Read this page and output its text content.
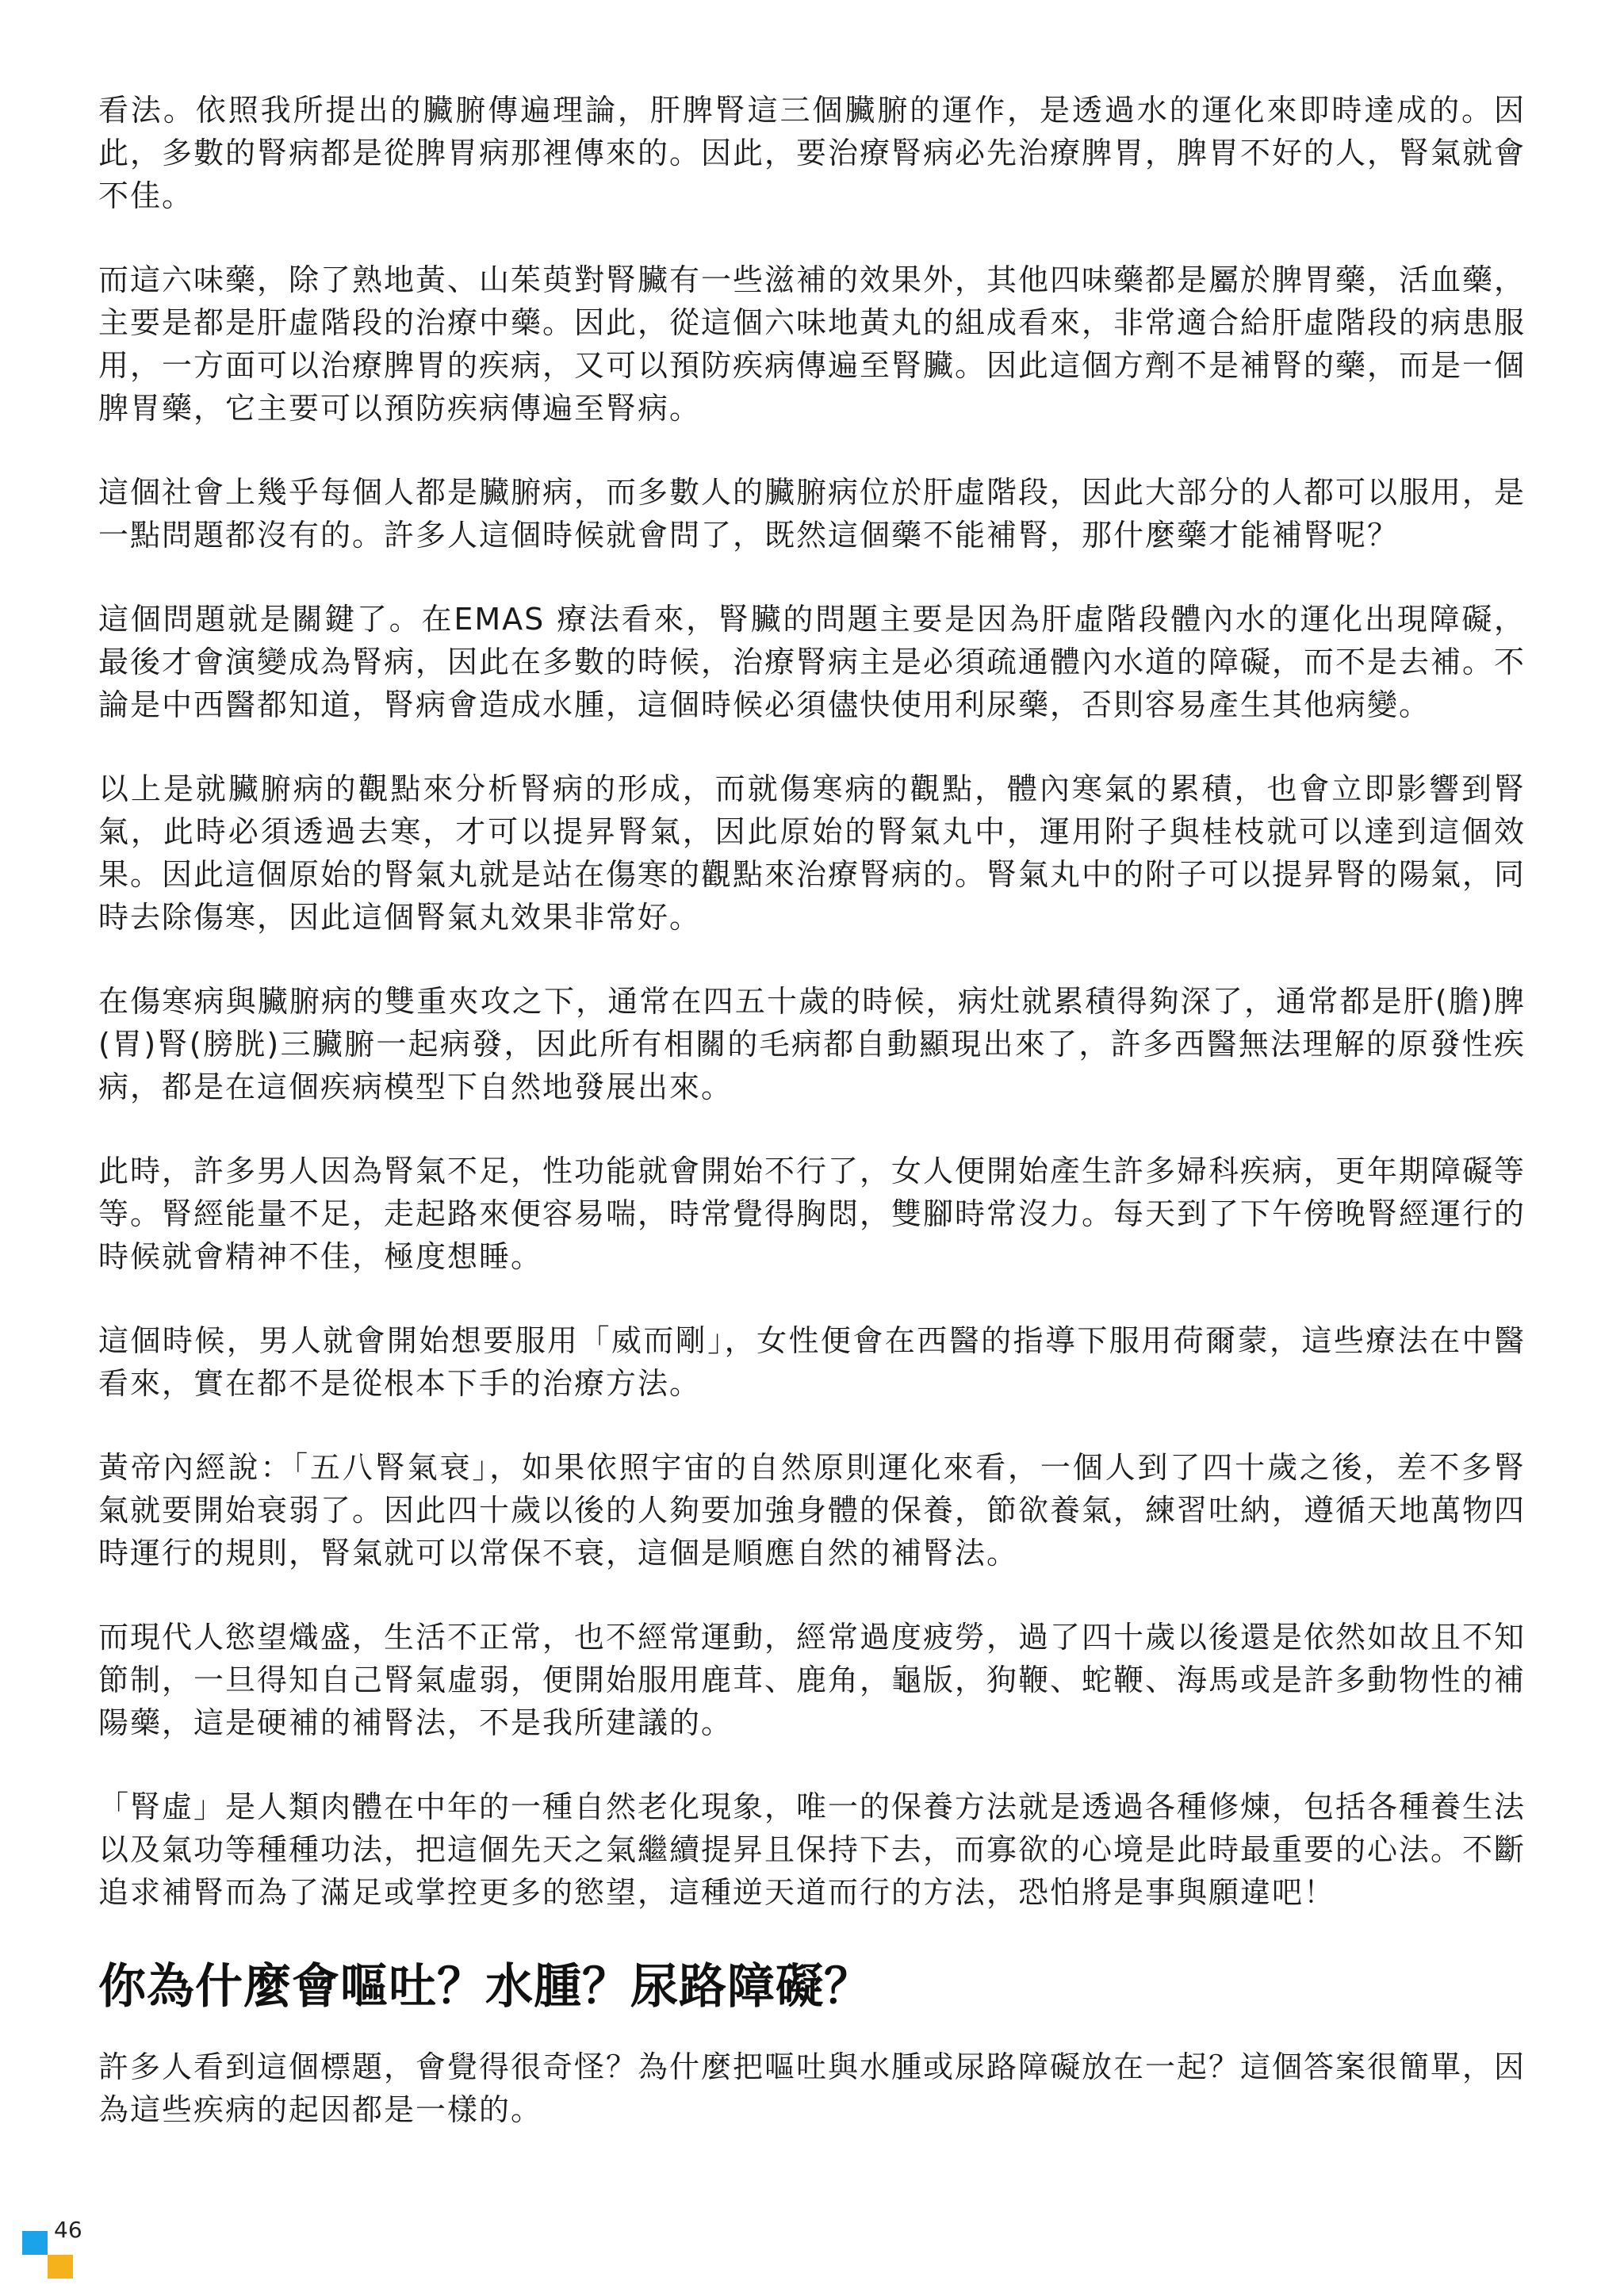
看法。依照我所提出的臟腑傳遍理論，肝脾腎這三個臟腑的運作，是透過水的運化來即時達成的。因此，多數的腎病都是從脾胃病那裡傳來的。因此，要治療腎病必先治療脾胃，脾胃不好的人，腎氣就會不佳。

而這六味藥，除了熟地黃、山茱萸對腎臟有一些滋補的效果外，其他四味藥都是屬於脾胃藥，活血藥，主要是都是肝虛階段的治療中藥。因此，從這個六味地黃丸的組成看來，非常適合給肝虛階段的病患服用，一方面可以治療脾胃的疾病，又可以預防疾病傳遍至腎臟。因此這個方劑不是補腎的藥，而是一個脾胃藥，它主要可以預防疾病傳遍至腎病。

這個社會上幾乎每個人都是臟腑病，而多數人的臟腑病位於肝虛階段，因此大部分的人都可以服用，是一點問題都沒有的。許多人這個時候就會問了，既然這個藥不能補腎，那什麼藥才能補腎呢？

這個問題就是關鍵了。在EMAS 療法看來，腎臟的問題主要是因為肝虛階段體內水的運化出現障礙，最後才會演變成為腎病，因此在多數的時候，治療腎病主是必須疏通體內水道的障礙，而不是去補。不論是中西醫都知道，腎病會造成水腫，這個時候必須儘快使用利尿藥，否則容易產生其他病變。

以上是就臟腑病的觀點來分析腎病的形成，而就傷寒病的觀點，體內寒氣的累積，也會立即影響到腎氣，此時必須透過去寒，才可以提昇腎氣，因此原始的腎氣丸中，運用附子與桂枝就可以達到這個效果。因此這個原始的腎氣丸就是站在傷寒的觀點來治療腎病的。腎氣丸中的附子可以提昇腎的陽氣，同時去除傷寒，因此這個腎氣丸效果非常好。

在傷寒病與臟腑病的雙重夾攻之下，通常在四五十歲的時候，病灶就累積得夠深了，通常都是肝(膽)脾(胃)腎(膀胱)三臟腑一起病發，因此所有相關的毛病都自動顯現出來了，許多西醫無法理解的原發性疾病，都是在這個疾病模型下自然地發展出來。

此時，許多男人因為腎氣不足，性功能就會開始不行了，女人便開始產生許多婦科疾病，更年期障礙等等。腎經能量不足，走起路來便容易喘，時常覺得胸悶，雙腳時常沒力。每天到了下午傍晚腎經運行的時候就會精神不佳，極度想睡。

這個時候，男人就會開始想要服用「威而剛」，女性便會在西醫的指導下服用荷爾蒙，這些療法在中醫看來，實在都不是從根本下手的治療方法。

黃帝內經說：「五八腎氣衰」，如果依照宇宙的自然原則運化來看，一個人到了四十歲之後，差不多腎氣就要開始衰弱了。因此四十歲以後的人夠要加強身體的保養，節欲養氣，練習吐納，遵循天地萬物四時運行的規則，腎氣就可以常保不衰，這個是順應自然的補腎法。

而現代人慾望熾盛，生活不正常，也不經常運動，經常過度疲勞，過了四十歲以後還是依然如故且不知節制，一旦得知自己腎氣虛弱，便開始服用鹿茸、鹿角，龜版，狗鞭、蛇鞭、海馬或是許多動物性的補陽藥，這是硬補的補腎法，不是我所建議的。

「腎虛」是人類肉體在中年的一種自然老化現象，唯一的保養方法就是透過各種修煉，包括各種養生法以及氣功等種種功法，把這個先天之氣繼續提昇且保持下去，而寡欲的心境是此時最重要的心法。不斷追求補腎而為了滿足或掌控更多的慾望，這種逆天道而行的方法，恐怕將是事與願違吧！

你為什麼會嘔吐？水腫？尿路障礙？

許多人看到這個標題，會覺得很奇怪？為什麼把嘔吐與水腫或尿路障礙放在一起？這個答案很簡單，因為這些疾病的起因都是一樣的。

46
